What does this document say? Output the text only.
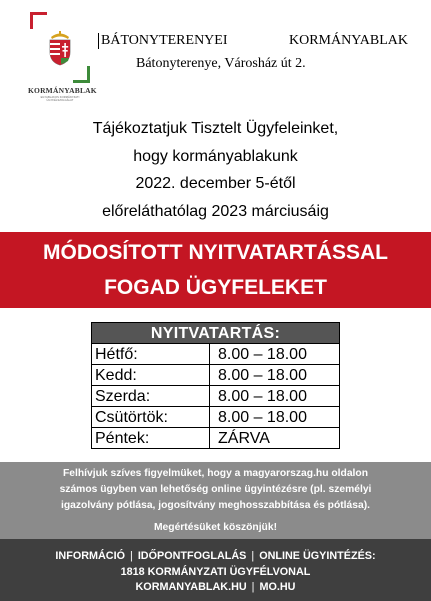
KORMÁNYABLAK
EGYABLAKOS KORMÁNYZATI ÜGYFÉLSZOLGÁLAT
BÁTONYTERENYEI	KORMÁNYABLAK
Bátonyterenye, Városház út 2.
Tájékoztatjuk Tisztelt Ügyfeleinket,
hogy kormányablakunk
2022. december 5-étől
előreláthatólag 2023 márciusáig
MÓDOSÍTOTT NYITVATARTÁSSAL
FOGAD ÜGYFELEKET
NYITVATARTÁS:	
Hétfő:	8.00 – 18.00
Kedd:	8.00 – 18.00
Szerda:	8.00 – 18.00
Csütörtök:	8.00 – 18.00
Péntek:	ZÁRVA
Felhívjuk szíves figyelmüket, hogy a magyarorszag.hu oldalon
számos ügyben van lehetőség online ügyintézésre (pl. személyi
igazolvány pótlása, jogosítvány meghosszabbítása és pótlása).
Megértésüket köszönjük!
INFORMÁCIÓ | IDŐPONTFOGLALÁS | ONLINE ÜGYINTÉZÉS:
1818 KORMÁNYZATI ÜGYFÉLVONAL
KORMANYABLAK.HU | MO.HU
